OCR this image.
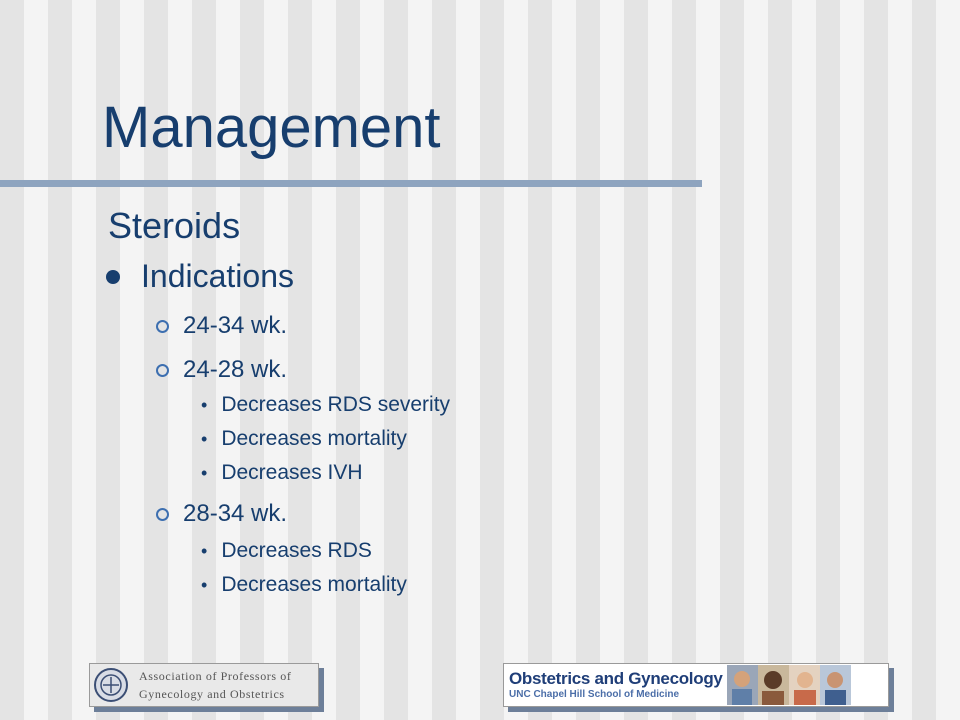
Management
Steroids
Indications
24-34 wk.
24-28 wk.
• Decreases RDS severity
• Decreases mortality
• Decreases IVH
28-34 wk.
• Decreases RDS
• Decreases mortality
Association of Professors of
Gynecology and Obstetrics
Obstetrics and Gynecology
UNC Chapel Hill School of Medicine
